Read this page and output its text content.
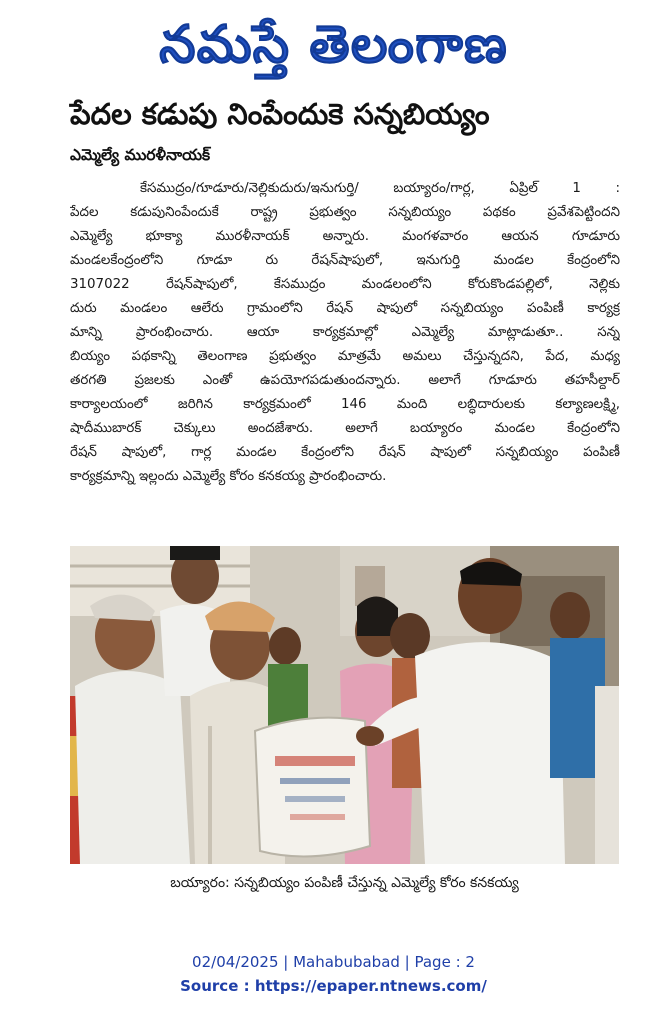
నమస్తే తెలంగాణ
పేదల కడుపు నింపేందుకె సన్నబియ్యం
ఎమ్మెల్యే మురళీనాయక్
కేసముద్రం/గూడూరు/నెల్లికుదురు/ఇనుగుర్తి/ బయ్యారం/గార్ల, ఏప్రిల్ 1 :
పేదల కడుపునింపేందుకే రాష్ట్ర ప్రభుత్వం సన్నబియ్యం పథకం ప్రవేశపెట్టిందని
ఎమ్మెల్యే భూక్యా మురళీనాయక్ అన్నారు. మంగళవారం ఆయన గూడూరు
మండలకేంద్రంలోని గూడూ రు రేషన్‌షాపులో, ఇనుగుర్తి మండల కేంద్రంలోని
3107022 రేషన్‌షాపులో, కేసముద్రం మండలంలోని కోరుకొండపల్లిలో, నెల్లికు
దురు మండలం ఆలేరు గ్రామంలోని రేషన్ షాపులో సన్నబియ్యం పంపిణీ కార్యక్ర
మాన్ని ప్రారంభించారు. ఆయా కార్యక్రమాల్లో ఎమ్మెల్యే మాట్లాడుతూ.. సన్న
బియ్యం పథకాన్ని తెలంగాణ ప్రభుత్వం మాత్రమే అమలు చేస్తున్నదని, పేద, మధ్య
తరగతి ప్రజలకు ఎంతో ఉపయోగపడుతుందన్నారు. అలాగే గూడూరు తహసీల్దార్
కార్యాలయంలో జరిగిన కార్యక్రమంలో 146 మంది లబ్ధిదారులకు కల్యాణలక్ష్మి,
షాదీముబారక్ చెక్కులు అందజేశారు. అలాగే బయ్యారం మండల కేంద్రంలోని
రేషన్ షాపులో, గార్ల మండల కేంద్రంలోని రేషన్ షాపులో సన్నబియ్యం పంపిణీ
కార్యక్రమాన్ని ఇల్లందు ఎమ్మెల్యే కోరం కనకయ్య ప్రారంభించారు.
బయ్యారం: సన్నబియ్యం పంపిణీ చేస్తున్న ఎమ్మెల్యే కోరం కనకయ్య
02/04/2025 | Mahabubabad | Page : 2
Source : https://epaper.ntnews.com/
